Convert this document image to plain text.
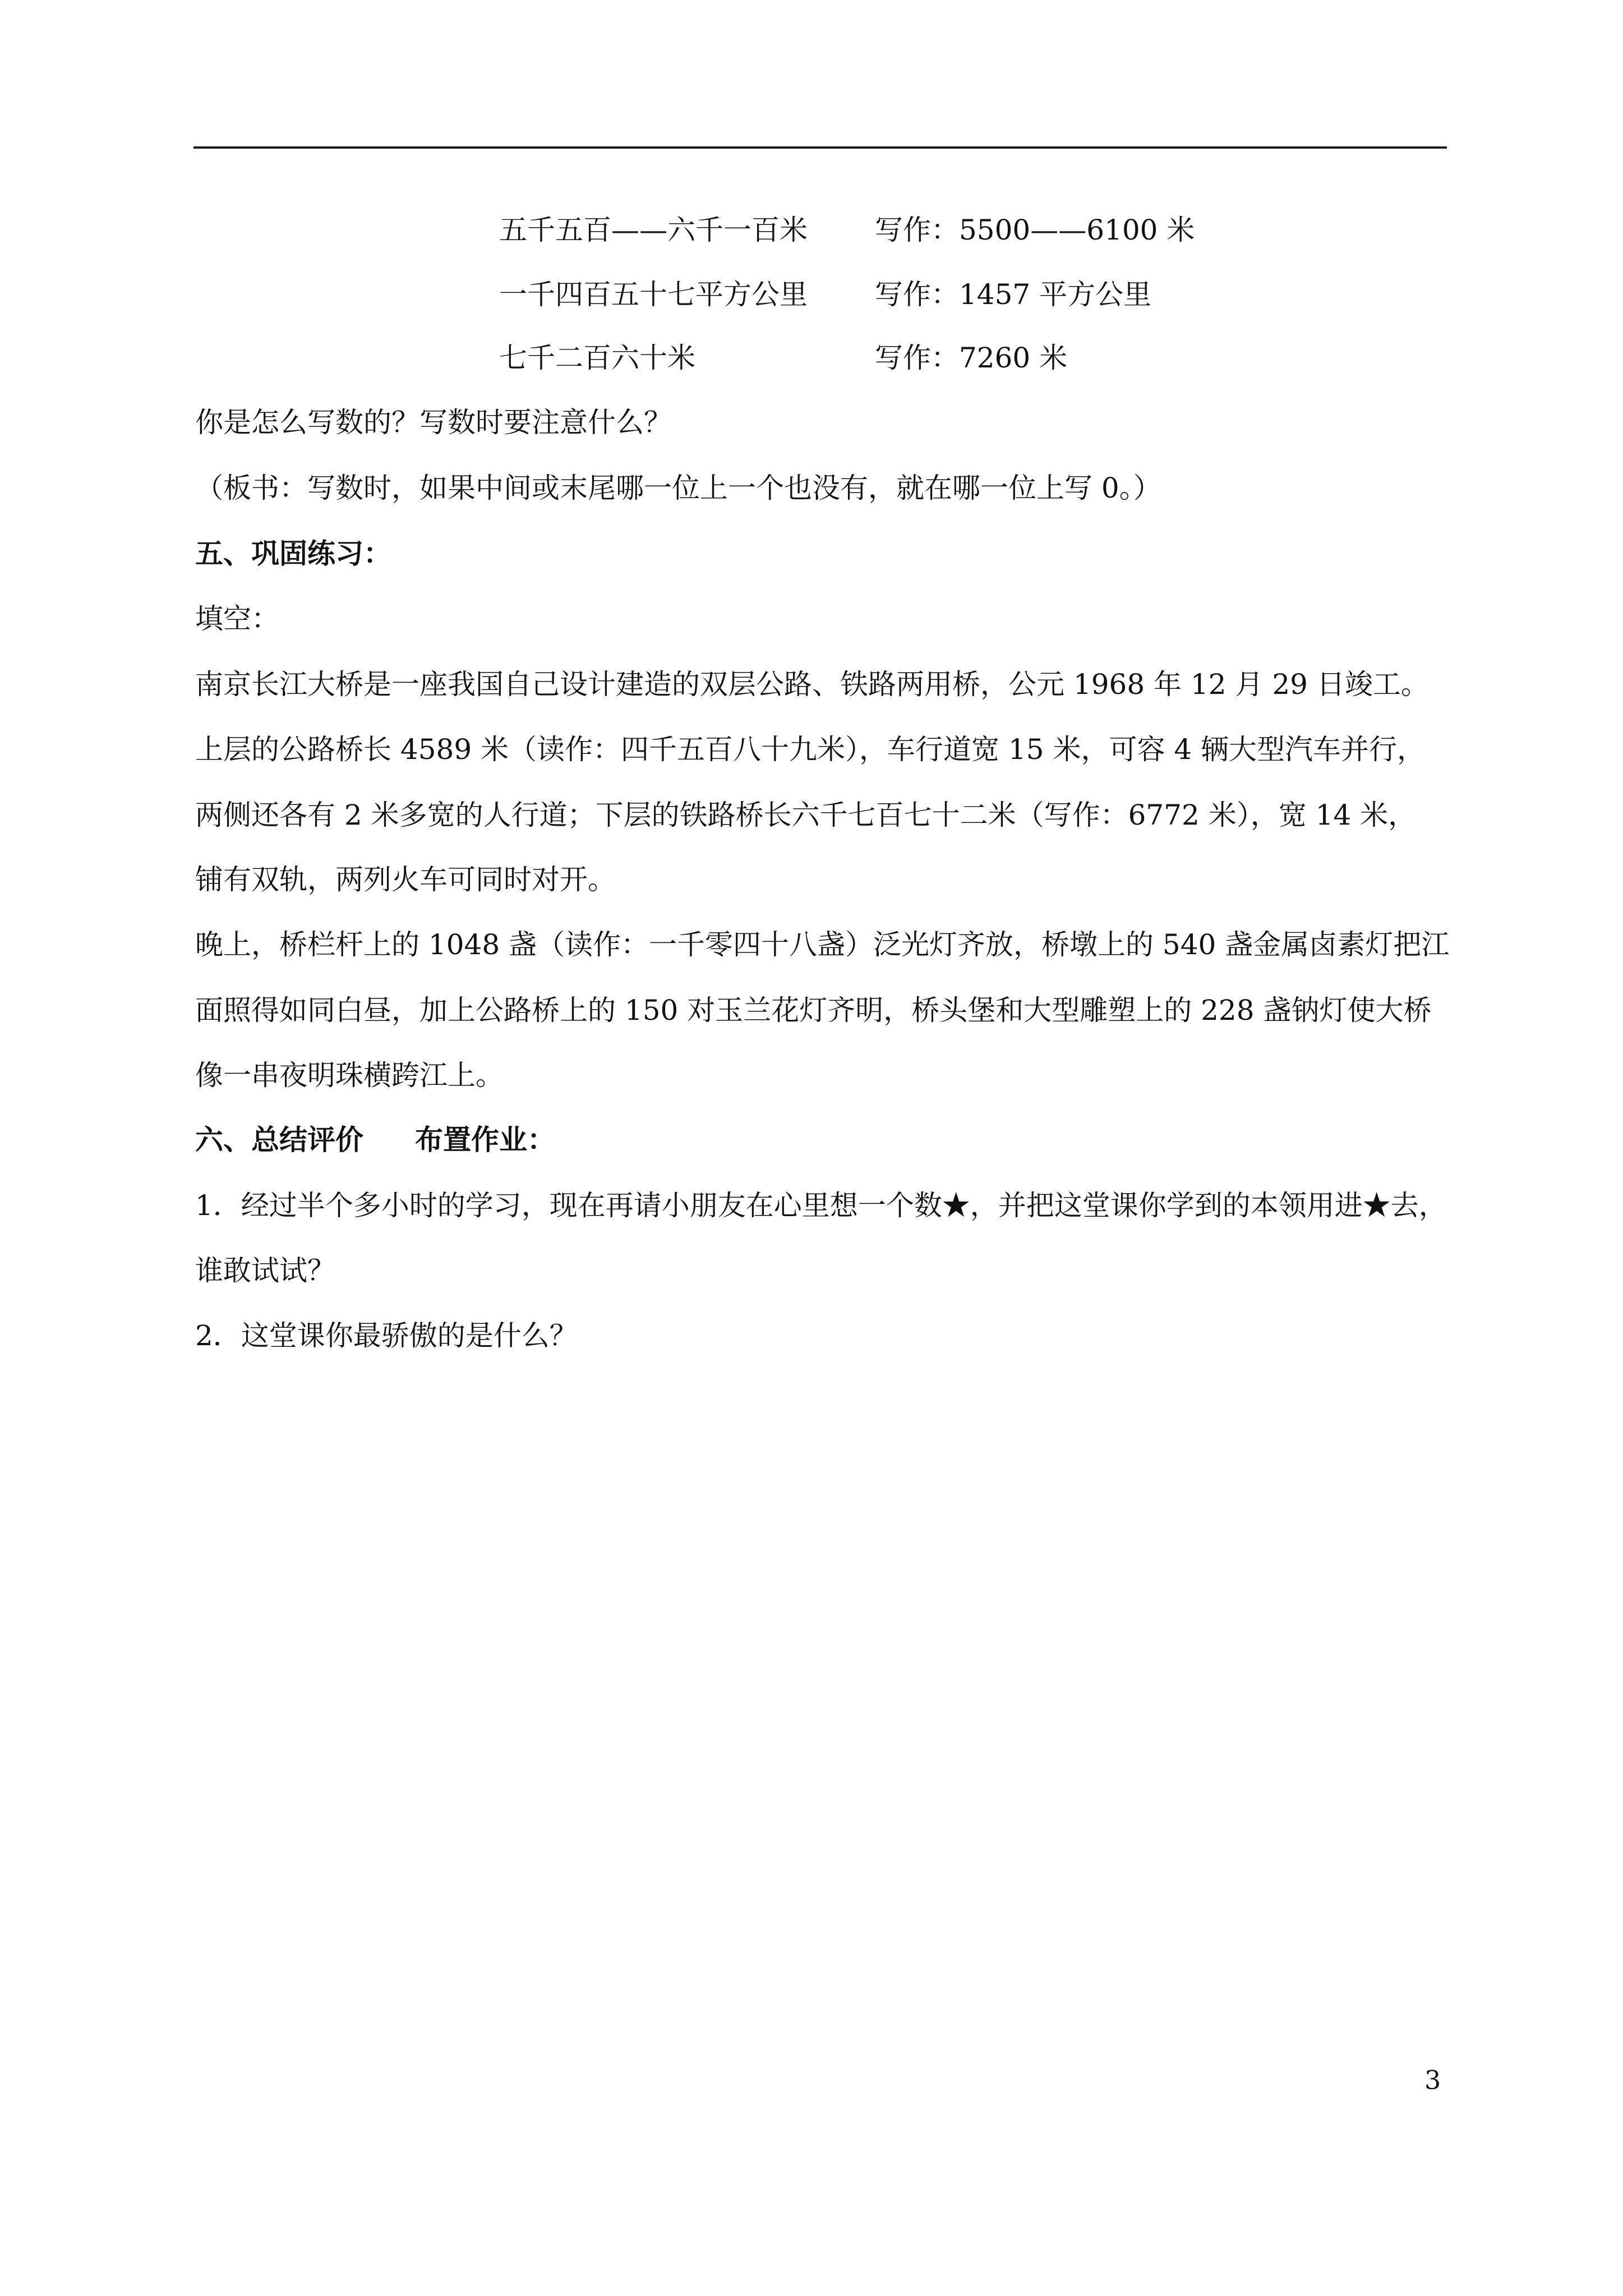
五千五百——六千一百米 写作：5500——6100 米
一千四百五十七平方公里 写作：1457 平方公里
七千二百六十米	写作：7260 米
你是怎么写数的？写数时要注意什么？
（板书：写数时，如果中间或末尾哪一位上一个也没有，就在哪一位上写 0。）
五、巩固练习：
填空：
南京长江大桥是一座我国自己设计建造的双层公路、铁路两用桥，公元 1968 年 12 月 29 日竣工。
上层的公路桥长 4589 米（读作：四千五百八十九米），车行道宽 15 米，可容 4 辆大型汽车并行，
两侧还各有 2 米多宽的人行道；下层的铁路桥长六千七百七十二米（写作：6772 米），宽 14 米，
铺有双轨，两列火车可同时对开。
晚上，桥栏杆上的 1048 盏（读作：一千零四十八盏）泛光灯齐放，桥墩上的 540 盏金属卤素灯把江
面照得如同白昼，加上公路桥上的 150 对玉兰花灯齐明，桥头堡和大型雕塑上的 228 盏钠灯使大桥
像一串夜明珠横跨江上。
六、总结评价 布置作业：
1．经过半个多小时的学习，现在再请小朋友在心里想一个数★，并把这堂课你学到的本领用进★去，
谁敢试试？
2．这堂课你最骄傲的是什么？
3
